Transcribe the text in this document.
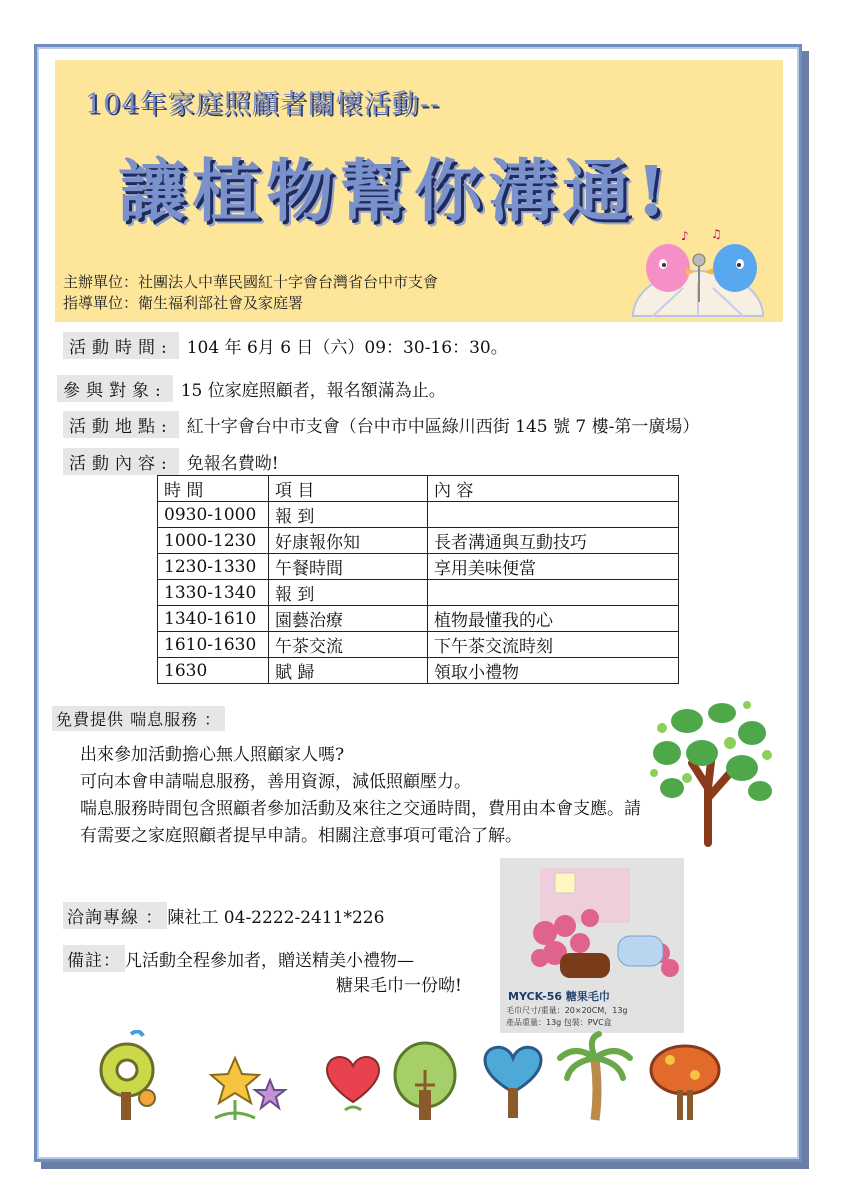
104年家庭照顧者關懷活動--
讓植物幫你溝通!
主辦單位：社團法人中華民國紅十字會台灣省台中市支會
指導單位：衛生福利部社會及家庭署
♪ ♫
活動時間: 104 年 6月 6 日（六）09：30-16：30。
參與對象: 15 位家庭照顧者，報名額滿為止。
活動地點: 紅十字會台中市支會（台中市中區綠川西街 145 號 7 樓-第一廣場）
活動內容: 免報名費呦!
時 間	項 目	內 容
0930-1000	報 到	
1000-1230	好康報你知	長者溝通與互動技巧
1230-1330	午餐時間	享用美味便當
1330-1340	報 到	
1340-1610	園藝治療	植物最懂我的心
1610-1630	午茶交流	下午茶交流時刻
1630	賦 歸	領取小禮物
免費提供 喘息服務 ：
出來參加活動擔心無人照顧家人嗎?
可向本會申請喘息服務，善用資源，減低照顧壓力。
喘息服務時間包含照顧者參加活動及來往之交通時間，費用由本會支應。請有需要之家庭照顧者提早申請。相關注意事項可電洽了解。
洽詢專線 ： 陳社工 04-2222-2411*226
備註： 凡活動全程參加者，贈送精美小禮物—
糖果毛巾一份呦!
MYCK-56 糖果毛巾
毛巾尺寸/重量：20×20CM，13g
產品重量：13g 包裝：PVC盒
